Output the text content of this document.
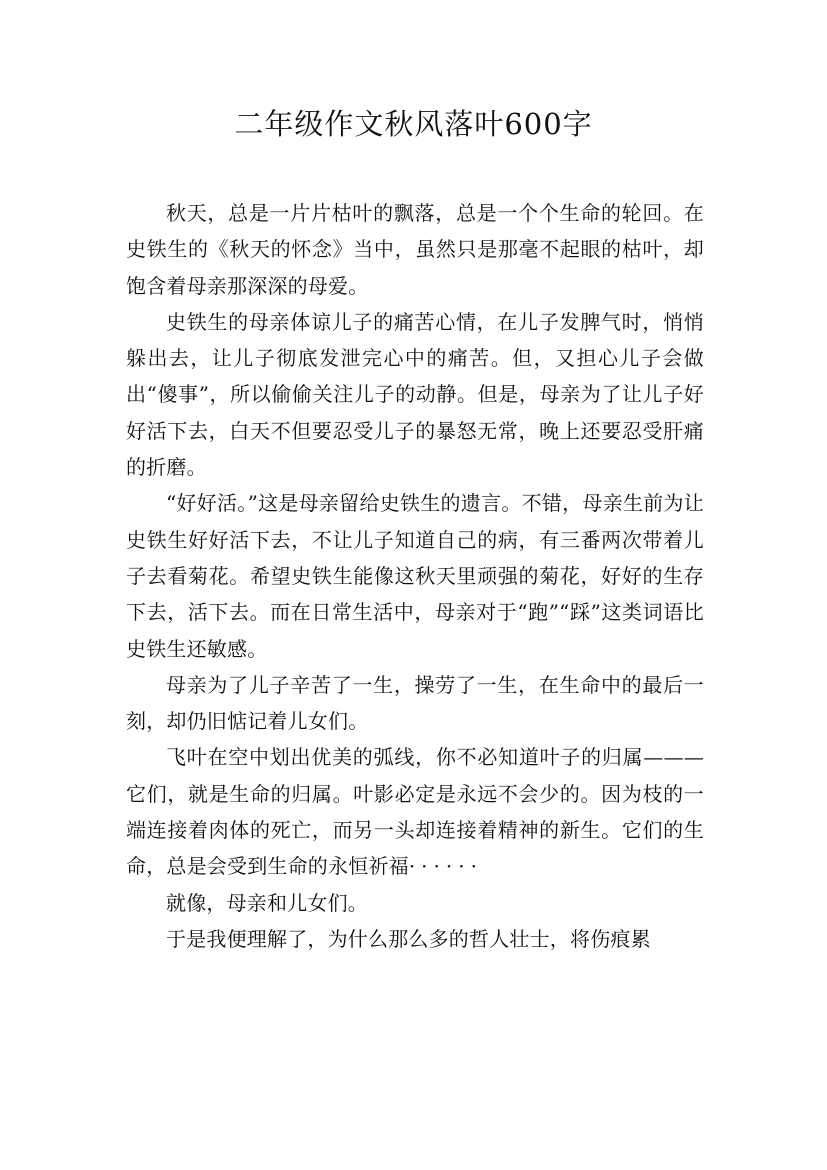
二年级作文秋风落叶600字

秋天，总是一片片枯叶的飘落，总是一个个生命的轮回。在史铁生的《秋天的怀念》当中，虽然只是那毫不起眼的枯叶，却饱含着母亲那深深的母爱。

史铁生的母亲体谅儿子的痛苦心情，在儿子发脾气时，悄悄躲出去，让儿子彻底发泄完心中的痛苦。但，又担心儿子会做出“傻事”，所以偷偷关注儿子的动静。但是，母亲为了让儿子好好活下去，白天不但要忍受儿子的暴怒无常，晚上还要忍受肝痛的折磨。

“好好活。”这是母亲留给史铁生的遗言。不错，母亲生前为让史铁生好好活下去，不让儿子知道自己的病，有三番两次带着儿子去看菊花。希望史铁生能像这秋天里顽强的菊花，好好的生存下去，活下去。而在日常生活中，母亲对于“跑”“踩”这类词语比史铁生还敏感。

母亲为了儿子辛苦了一生，操劳了一生，在生命中的最后一刻，却仍旧惦记着儿女们。

飞叶在空中划出优美的弧线，你不必知道叶子的归属———它们，就是生命的归属。叶影必定是永远不会少的。因为枝的一端连接着肉体的死亡，而另一头却连接着精神的新生。它们的生命，总是会受到生命的永恒祈福······

就像，母亲和儿女们。

于是我便理解了，为什么那么多的哲人壮士，将伤痕累
